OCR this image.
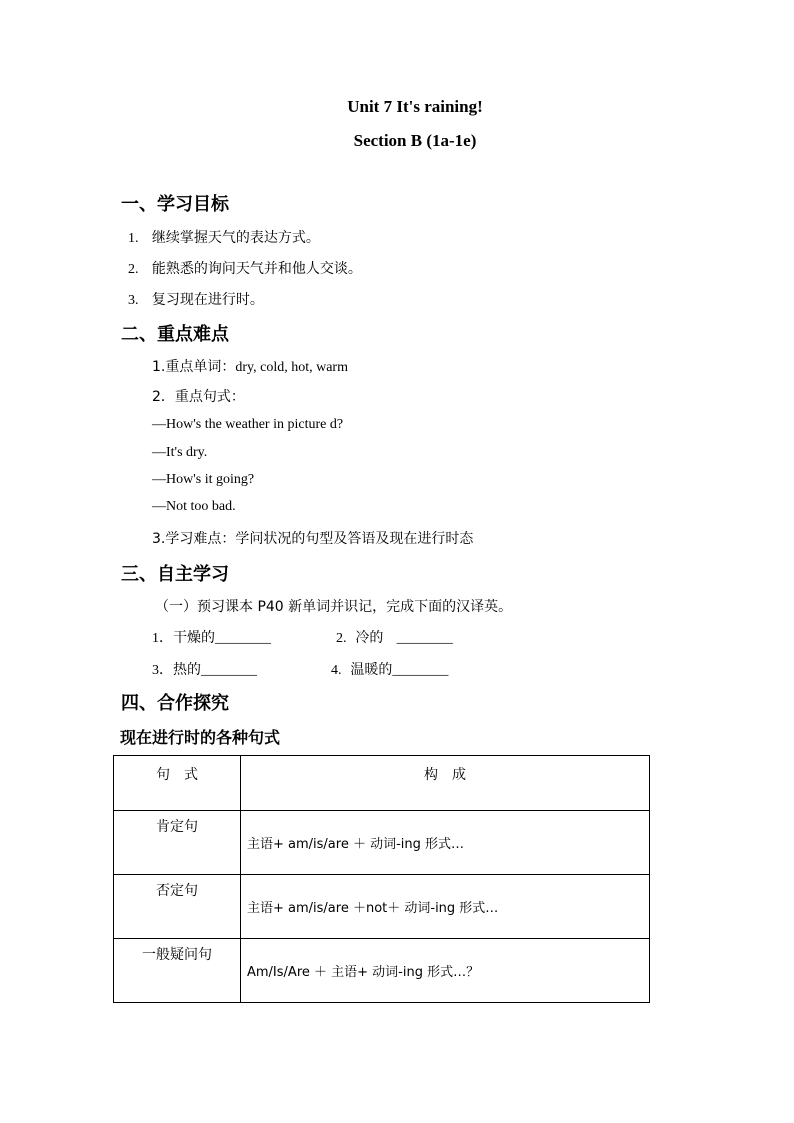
Unit 7 It's raining!
Section B (1a-1e)
一、学习目标
1. 继续掌握天气的表达方式。
2. 能熟悉的询问天气并和他人交谈。
3. 复习现在进行时。
二、重点难点
1.重点单词：dry, cold, hot, warm
2．重点句式：
—How's the weather in picture d?
—It's dry.
—How's it going?
—Not too bad.
3.学习难点：学问状况的句型及答语及现在进行时态
三、自主学习
（一）预习课本 P40 新单词并识记，完成下面的汉译英。
1．干燥的________	2. 冷的 ________
3．热的________	4. 温暖的________
四、合作探究
现在进行时的各种句式
句　式	构　成
肯定句	主语+ am/is/are ＋ 动词-ing 形式…
否定句	主语+ am/is/are ＋not＋ 动词-ing 形式…
一般疑问句	Am/Is/Are ＋ 主语+ 动词-ing 形式…？
